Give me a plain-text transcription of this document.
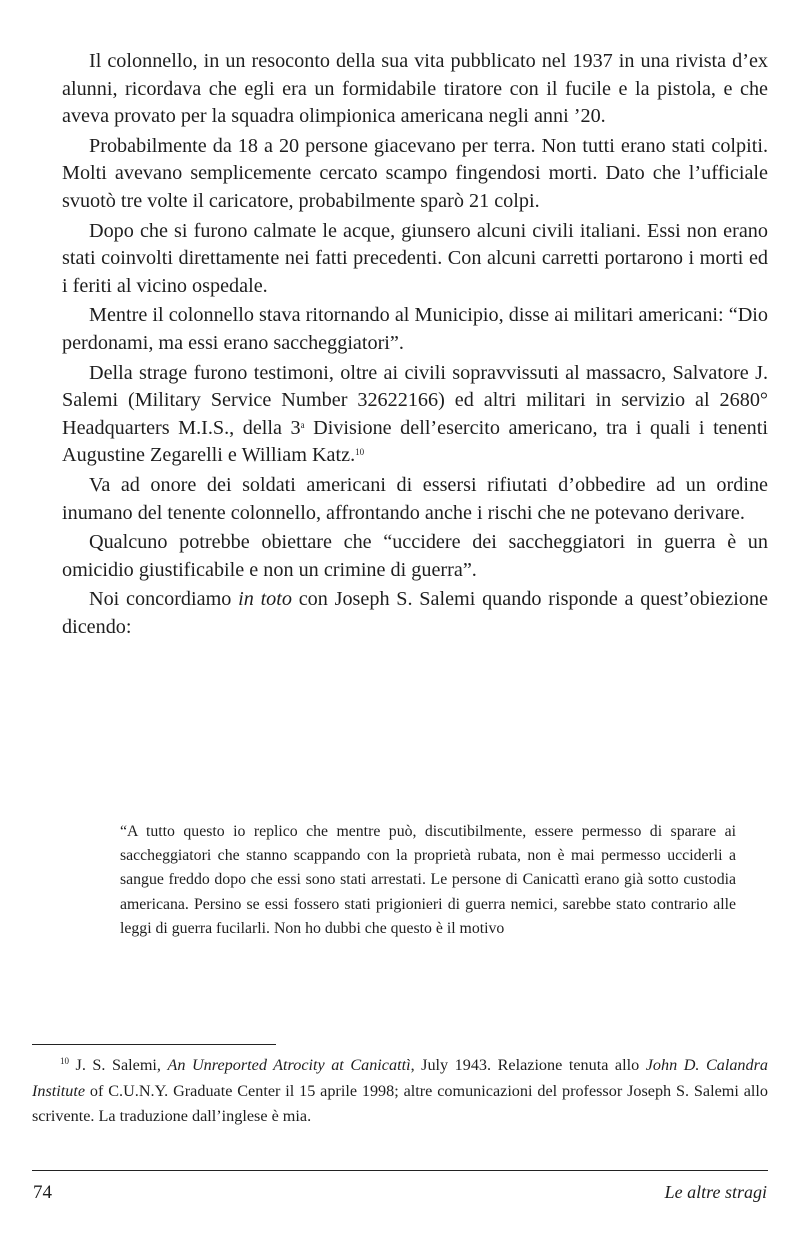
Il colonnello, in un resoconto della sua vita pubblicato nel 1937 in una rivista d’ex alunni, ricordava che egli era un formidabile tiratore con il fucile e la pistola, e che aveva provato per la squadra olimpionica americana negli anni ’20.

Probabilmente da 18 a 20 persone giacevano per terra. Non tutti erano stati colpiti. Molti avevano semplicemente cercato scampo fingendosi morti. Dato che l’ufficiale svuotò tre volte il caricatore, probabilmente sparò 21 colpi.

Dopo che si furono calmate le acque, giunsero alcuni civili italiani. Essi non erano stati coinvolti direttamente nei fatti precedenti. Con alcuni carretti portarono i morti ed i feriti al vicino ospedale.

Mentre il colonnello stava ritornando al Municipio, disse ai militari americani: “Dio perdonami, ma essi erano saccheggiatori”.

Della strage furono testimoni, oltre ai civili sopravvissuti al massacro, Salvatore J. Salemi (Military Service Number 32622166) ed altri militari in servizio al 2680° Headquarters M.I.S., della 3$^a$ Divisione dell’esercito americano, tra i quali i tenenti Augustine Zegarelli e William Katz.$^{10}$

Va ad onore dei soldati americani di essersi rifiutati d’obbedire ad un ordine inumano del tenente colonnello, affrontando anche i rischi che ne potevano derivare.

Qualcuno potrebbe obiettare che “uccidere dei saccheggiatori in guerra è un omicidio giustificabile e non un crimine di guerra”.

Noi concordiamo in toto con Joseph S. Salemi quando risponde a quest’obiezione dicendo:

“A tutto questo io replico che mentre può, discutibilmente, essere permesso di sparare ai saccheggiatori che stanno scappando con la proprietà rubata, non è mai permesso ucciderli a sangue freddo dopo che essi sono stati arrestati. Le persone di Canicattì erano già sotto custodia americana. Persino se essi fossero stati prigionieri di guerra nemici, sarebbe stato contrario alle leggi di guerra fucilarli. Non ho dubbi che questo è il motivo

$^{10}$ J. S. Salemi, An Unreported Atrocity at Canicattì, July 1943. Relazione tenuta allo John D. Calandra Institute of C.U.N.Y. Graduate Center il 15 aprile 1998; altre comunicazioni del professor Joseph S. Salemi allo scrivente. La traduzione dall’inglese è mia.

74	Le altre stragi
